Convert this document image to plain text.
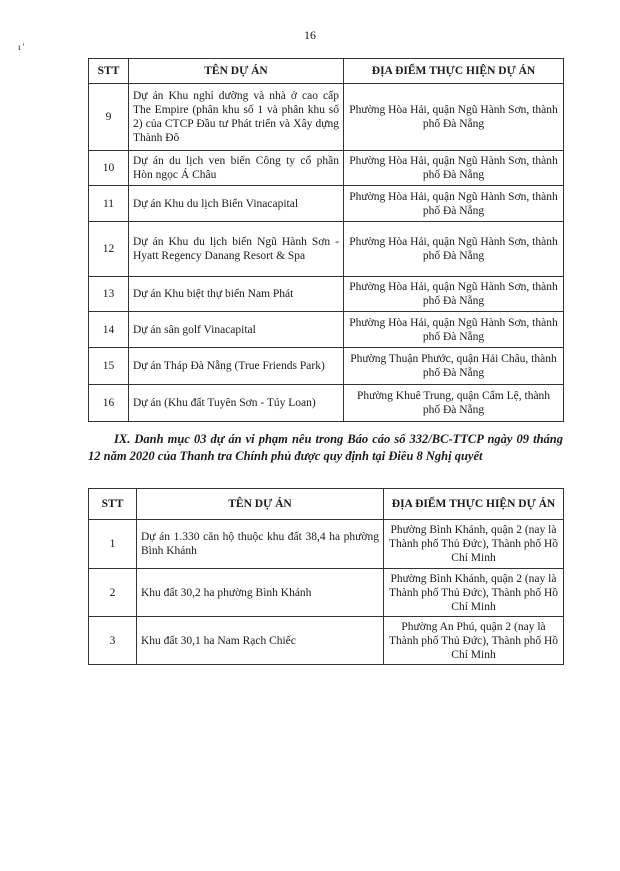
16
ı '
STT	TÊN DỰ ÁN	ĐỊA ĐIỂM THỰC HIỆN DỰ ÁN
9	Dự án Khu nghỉ dưỡng và nhà ở cao cấp The Empire (phân khu số 1 và phân khu số 2) của CTCP Đầu tư Phát triển và Xây dựng Thành Đô	Phường Hòa Hải, quận Ngũ Hành Sơn, thành phố Đà Nẵng
10	Dự án du lịch ven biển Công ty cổ phần Hòn ngọc Á Châu	Phường Hòa Hải, quận Ngũ Hành Sơn, thành phố Đà Nẵng
11	Dự án Khu du lịch Biển Vinacapital	Phường Hòa Hải, quận Ngũ Hành Sơn, thành phố Đà Nẵng
12	Dự án Khu du lịch biển Ngũ Hành Sơn - Hyatt Regency Danang Resort & Spa	Phường Hòa Hải, quận Ngũ Hành Sơn, thành phố Đà Nẵng
13	Dự án Khu biệt thự biển Nam Phát	Phường Hòa Hải, quận Ngũ Hành Sơn, thành phố Đà Nẵng
14	Dự án sân golf Vinacapital	Phường Hòa Hải, quận Ngũ Hành Sơn, thành phố Đà Nẵng
15	Dự án Tháp Đà Nẵng (True Friends Park)	Phường Thuận Phước, quận Hải Châu, thành phố Đà Nẵng
16	Dự án (Khu đất Tuyên Sơn - Túy Loan)	Phường Khuê Trung, quận Cẩm Lệ, thành phố Đà Nẵng
IX. Danh mục 03 dự án vi phạm nêu trong Báo cáo số 332/BC-TTCP ngày 09 tháng 12 năm 2020 của Thanh tra Chính phủ được quy định tại Điều 8 Nghị quyết
STT	TÊN DỰ ÁN	ĐỊA ĐIỂM THỰC HIỆN DỰ ÁN
1	Dự án 1.330 căn hộ thuộc khu đất 38,4 ha phường Bình Khánh	Phường Bình Khánh, quận 2 (nay là Thành phố Thủ Đức), Thành phố Hồ Chí Minh
2	Khu đất 30,2 ha phường Bình Khánh	Phường Bình Khánh, quận 2 (nay là Thành phố Thủ Đức), Thành phố Hồ Chí Minh
3	Khu đất 30,1 ha Nam Rạch Chiếc	Phường An Phú, quận 2 (nay là Thành phố Thủ Đức), Thành phố Hồ Chí Minh
